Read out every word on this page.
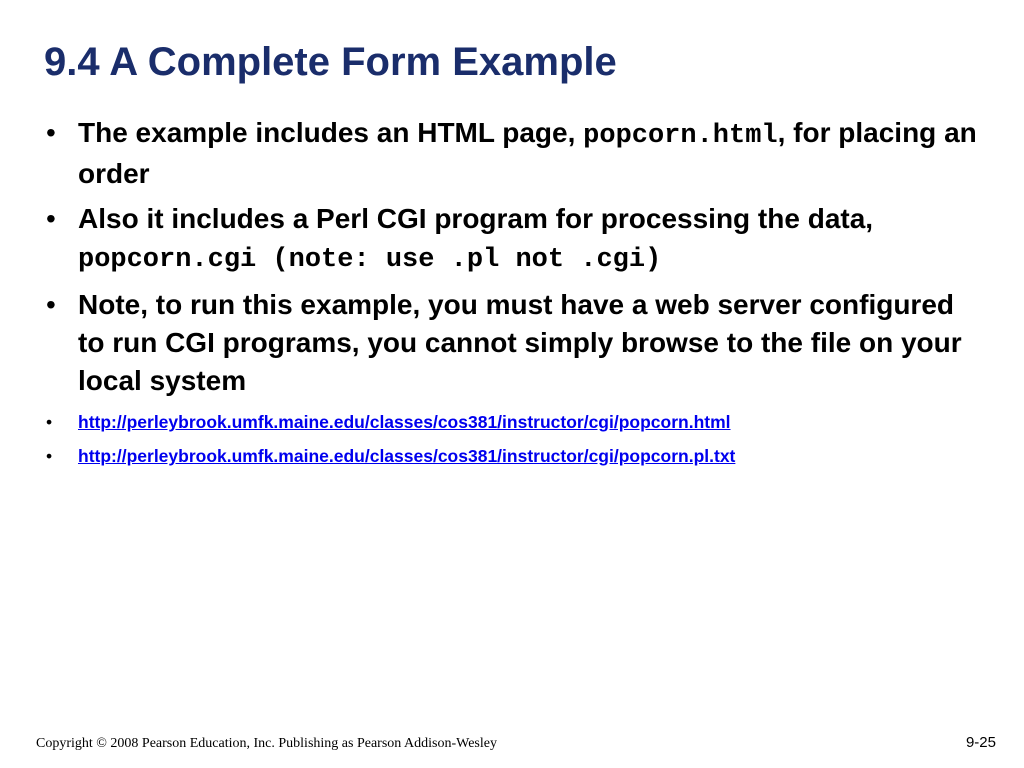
9.4 A Complete Form Example
• The example includes an HTML page, popcorn.html, for placing an order
• Also it includes a Perl CGI program for processing the data, popcorn.cgi (note: use .pl not .cgi)
• Note, to run this example, you must have a web server configured to run CGI programs, you cannot simply browse to the file on your local system
• http://perleybrook.umfk.maine.edu/classes/cos381/instructor/cgi/popcorn.html
• http://perleybrook.umfk.maine.edu/classes/cos381/instructor/cgi/popcorn.pl.txt
Copyright © 2008 Pearson Education, Inc. Publishing as Pearson Addison-Wesley	9-25
